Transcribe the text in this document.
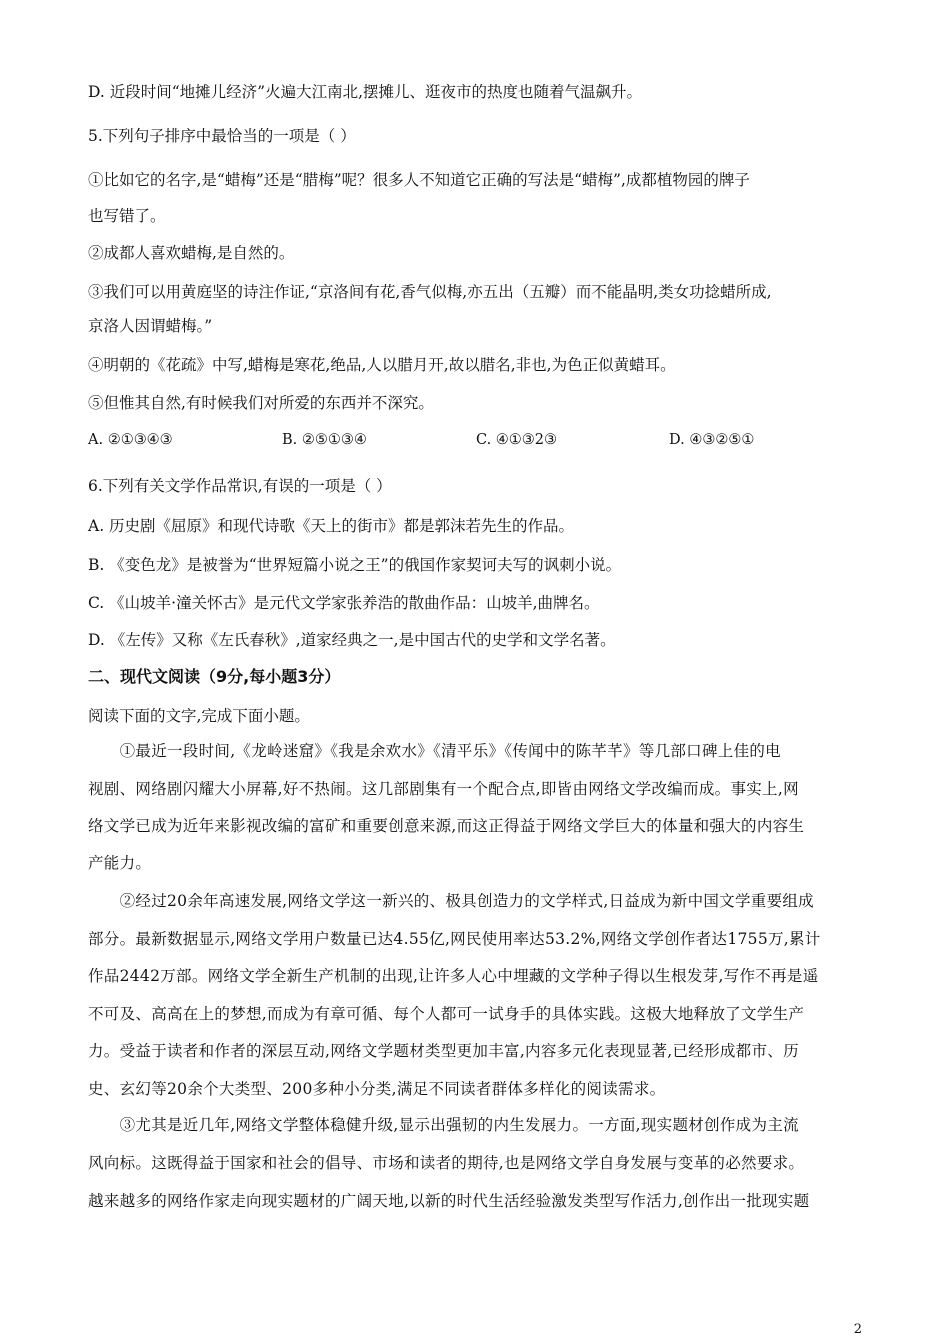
D. 近段时间“地摊儿经济”火遍大江南北,摆摊儿、逛夜市的热度也随着气温飙升。
5.下列句子排序中最恰当的一项是（ ）
①比如它的名字,是“蜡梅”还是“腊梅”呢？很多人不知道它正确的写法是“蜡梅”,成都植物园的牌子
也写错了。
②成都人喜欢蜡梅,是自然的。
③我们可以用黄庭坚的诗注作证,“京洛间有花,香气似梅,亦五出（五瓣）而不能晶明,类女功捻蜡所成,
京洛人因谓蜡梅。”
④明朝的《花疏》中写,蜡梅是寒花,绝品,人以腊月开,故以腊名,非也,为色正似黄蜡耳。
⑤但惟其自然,有时候我们对所爱的东西并不深究。
A. ②①③④③	B. ②⑤①③④	C. ④①③2③	D. ④③②⑤①
6.下列有关文学作品常识,有误的一项是（ ）
A. 历史剧《屈原》和现代诗歌《天上的街市》都是郭沫若先生的作品。
B. 《变色龙》是被誉为“世界短篇小说之王”的俄国作家契诃夫写的讽刺小说。
C. 《山坡羊·潼关怀古》是元代文学家张养浩的散曲作品：山坡羊,曲牌名。
D. 《左传》又称《左氏春秋》,道家经典之一,是中国古代的史学和文学名著。
二、现代文阅读（9分,每小题3分）
阅读下面的文字,完成下面小题。
　　①最近一段时间,《龙岭迷窟》《我是余欢水》《清平乐》《传闻中的陈芊芊》等几部口碑上佳的电
视剧、网络剧闪耀大小屏幕,好不热闹。这几部剧集有一个配合点,即皆由网络文学改编而成。事实上,网
络文学已成为近年来影视改编的富矿和重要创意来源,而这正得益于网络文学巨大的体量和强大的内容生
产能力。
　　②经过20余年高速发展,网络文学这一新兴的、极具创造力的文学样式,日益成为新中国文学重要组成
部分。最新数据显示,网络文学用户数量已达4.55亿,网民使用率达53.2%,网络文学创作者达1755万,累计
作品2442万部。网络文学全新生产机制的出现,让许多人心中埋藏的文学种子得以生根发芽,写作不再是遥
不可及、高高在上的梦想,而成为有章可循、每个人都可一试身手的具体实践。这极大地释放了文学生产
力。受益于读者和作者的深层互动,网络文学题材类型更加丰富,内容多元化表现显著,已经形成都市、历
史、玄幻等20余个大类型、200多种小分类,满足不同读者群体多样化的阅读需求。
　　③尤其是近几年,网络文学整体稳健升级,显示出强韧的内生发展力。一方面,现实题材创作成为主流
风向标。这既得益于国家和社会的倡导、市场和读者的期待,也是网络文学自身发展与变革的必然要求。
越来越多的网络作家走向现实题材的广阔天地,以新的时代生活经验激发类型写作活力,创作出一批现实题
2
